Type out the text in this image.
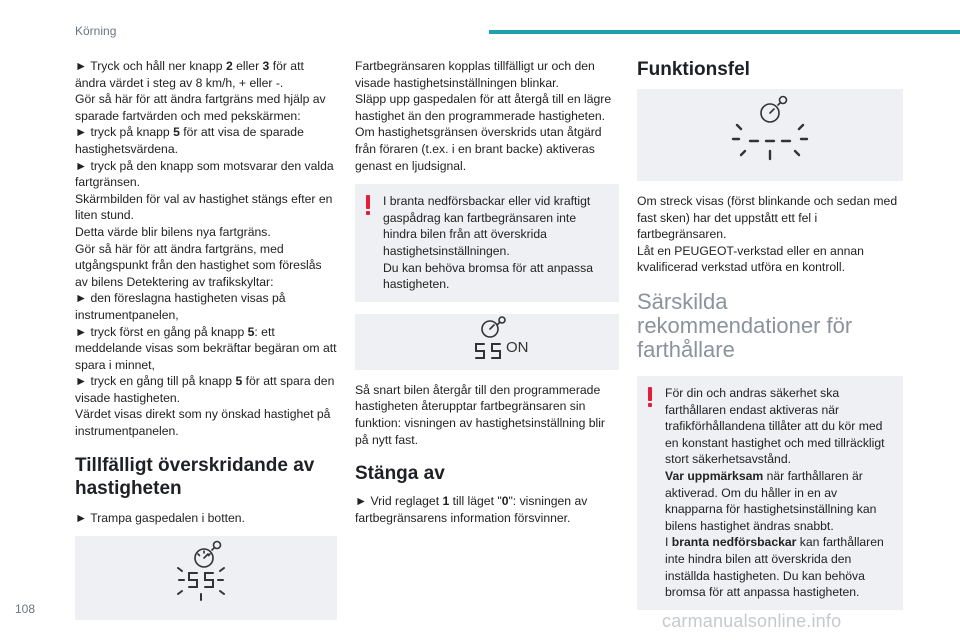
Körning
► Tryck och håll ner knapp 2 eller 3 för att ändra värdet i steg av 8 km/h, + eller -.
Gör så här för att ändra fartgräns med hjälp av sparade fartvärden och med pekskärmen:
► tryck på knapp 5 för att visa de sparade hastighetsvärdena.
► tryck på den knapp som motsvarar den valda fartgränsen.
Skärmbilden för val av hastighet stängs efter en liten stund.
Detta värde blir bilens nya fartgräns.
Gör så här för att ändra fartgräns, med utgångspunkt från den hastighet som föreslås av bilens Detektering av trafikskyltar:
► den föreslagna hastigheten visas på instrumentpanelen,
► tryck först en gång på knapp 5: ett meddelande visas som bekräftar begäran om att spara i minnet,
► tryck en gång till på knapp 5 för att spara den visade hastigheten.
Värdet visas direkt som ny önskad hastighet på instrumentpanelen.
Tillfälligt överskridande av hastigheten
► Trampa gaspedalen i botten.
Fartbegränsaren kopplas tillfälligt ur och den visade hastighetsinställningen blinkar.
Släpp upp gaspedalen för att återgå till en lägre hastighet än den programmerade hastigheten.
Om hastighetsgränsen överskrids utan åtgärd från föraren (t.ex. i en brant backe) aktiveras genast en ljudsignal.
I branta nedförsbackar eller vid kraftigt gaspådrag kan fartbegränsaren inte hindra bilen från att överskrida hastighetsinställningen.
Du kan behöva bromsa för att anpassa hastigheten.
ON
Så snart bilen återgår till den programmerade hastigheten återupptar fartbegränsaren sin funktion: visningen av hastighetsinställning blir på nytt fast.
Stänga av
► Vrid reglaget 1 till läget "0": visningen av fartbegränsarens information försvinner.
Funktionsfel
Om streck visas (först blinkande och sedan med fast sken) har det uppstått ett fel i fartbegränsaren.
Låt en PEUGEOT-verkstad eller en annan kvalificerad verkstad utföra en kontroll.
Särskilda rekommendationer för farthållare
För din och andras säkerhet ska farthållaren endast aktiveras när trafikförhållandena tillåter att du kör med en konstant hastighet och med tillräckligt stort säkerhetsavstånd.
Var uppmärksam när farthållaren är aktiverad. Om du håller in en av knapparna för hastighetsinställning kan bilens hastighet ändras snabbt.
I branta nedförsbackar kan farthållaren inte hindra bilen att överskrida den inställda hastigheten. Du kan behöva bromsa för att anpassa hastigheten.
108
carmanualsonline.info
